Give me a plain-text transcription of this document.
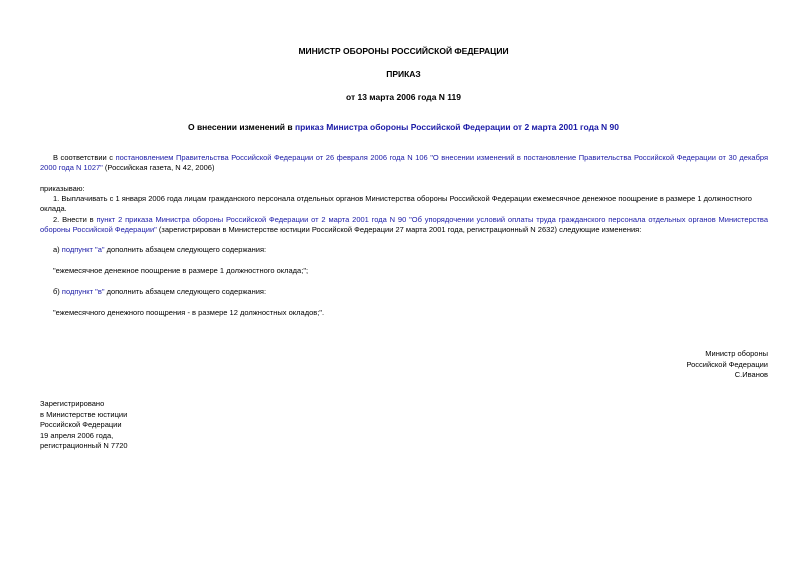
МИНИСТР ОБОРОНЫ РОССИЙСКОЙ ФЕДЕРАЦИИ
ПРИКАЗ
от 13 марта 2006 года N 119
О внесении изменений в приказ Министра обороны Российской Федерации от 2 марта 2001 года N 90
В соответствии с постановлением Правительства Российской Федерации от 26 февраля 2006 года N 106 "О внесении изменений в постановление Правительства Российской Федерации от 30 декабря 2000 года N 1027" (Российская газета, N 42, 2006)
приказываю:
1. Выплачивать с 1 января 2006 года лицам гражданского персонала отдельных органов Министерства обороны Российской Федерации ежемесячное денежное поощрение в размере 1 должностного оклада.
2. Внести в пункт 2 приказа Министра обороны Российской Федерации от 2 марта 2001 года N 90 "Об упорядочении условий оплаты труда гражданского персонала отдельных органов Министерства обороны Российской Федерации" (зарегистрирован в Министерстве юстиции Российской Федерации 27 марта 2001 года, регистрационный N 2632) следующие изменения:
а) подпункт "а" дополнить абзацем следующего содержания:
"ежемесячное денежное поощрение в размере 1 должностного оклада;";
б) подпункт "в" дополнить абзацем следующего содержания:
"ежемесячного денежного поощрения - в размере 12 должностных окладов;".
Министр обороны
Российской Федерации
С.Иванов
Зарегистрировано
в Министерстве юстиции
Российской Федерации
19 апреля 2006 года,
регистрационный N 7720
